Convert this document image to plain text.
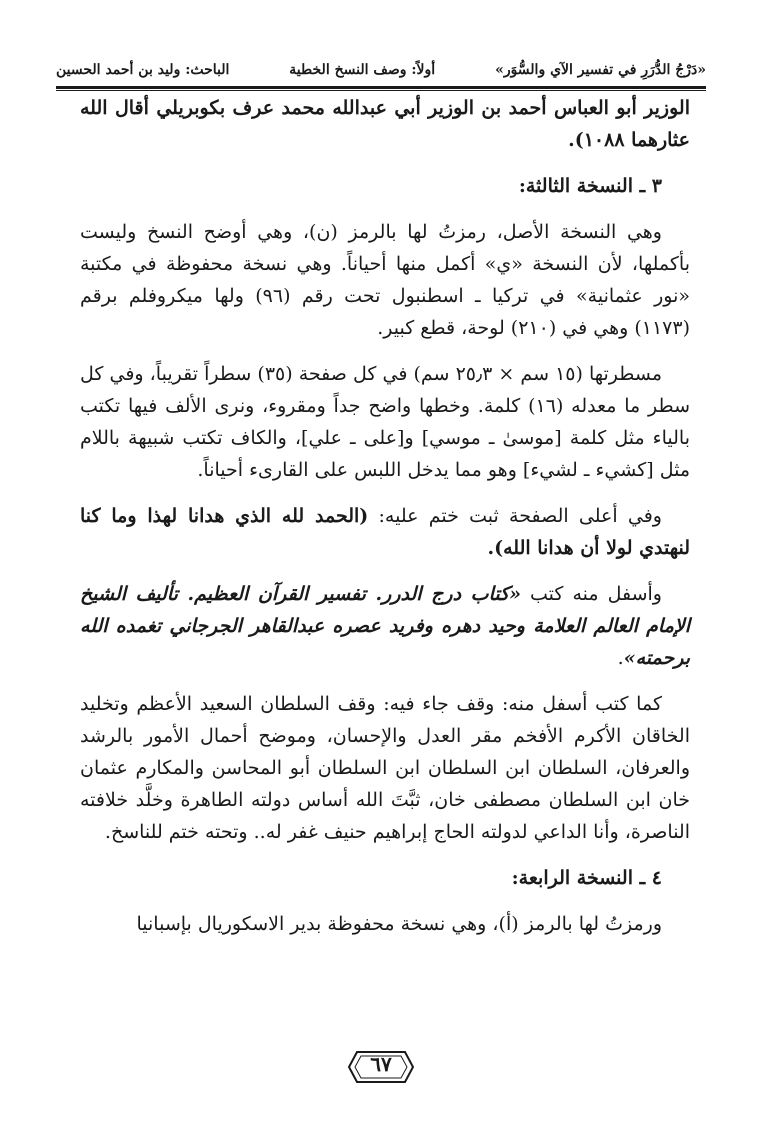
«دَرْجُ الدُّرَرِ في تفسير الآي والسُّوَر»
أولاً: وصف النسخ الخطية
الباحث: وليد بن أحمد الحسين

الوزير أبو العباس أحمد بن الوزير أبي عبدالله محمد عرف بكوبريلي أقال الله عثارهما ١٠٨٨).

٣ ـ النسخة الثالثة:

وهي النسخة الأصل، رمزتُ لها بالرمز (ن)، وهي أوضح النسخ وليست بأكملها، لأن النسخة «ي» أكمل منها أحياناً. وهي نسخة محفوظة في مكتبة «نور عثمانية» في تركيا ـ اسطنبول تحت رقم (٩٦) ولها ميكروفلم برقم (١١٧٣) وهي في (٢١٠) لوحة، قطع كبير.

مسطرتها (١٥ سم × ٢٥٫٣ سم) في كل صفحة (٣٥) سطراً تقريباً، وفي كل سطر ما معدله (١٦) كلمة. وخطها واضح جداً ومقروء، ونرى الألف فيها تكتب بالياء مثل كلمة [موسىٰ ـ موسي] و[على ـ علي]، والكاف تكتب شبيهة باللام مثل [كشيء ـ لشيء] وهو مما يدخل اللبس على القارىء أحياناً.

وفي أعلى الصفحة ثبت ختم عليه: (الحمد لله الذي هدانا لهذا وما كنا لنهتدي لولا أن هدانا الله).

وأسفل منه كتب «كتاب درج الدرر. تفسير القرآن العظيم. تأليف الشيخ الإمام العالم العلامة وحيد دهره وفريد عصره عبدالقاهر الجرجاني تغمده الله برحمته».

كما كتب أسفل منه: وقف جاء فيه: وقف السلطان السعيد الأعظم وتخليد الخاقان الأكرم الأفخم مقر العدل والإحسان، وموضح أحمال الأمور بالرشد والعرفان، السلطان ابن السلطان ابن السلطان أبو المحاسن والمكارم عثمان خان ابن السلطان مصطفى خان، ثبَّتَ الله أساس دولته الطاهرة وخلَّد خلافته الناصرة، وأنا الداعي لدولته الحاج إبراهيم حنيف غفر له.. وتحته ختم للناسخ.

٤ ـ النسخة الرابعة:

ورمزتُ لها بالرمز (أ)، وهي نسخة محفوظة بدير الاسكوريال بإسبانيا

٦٧
